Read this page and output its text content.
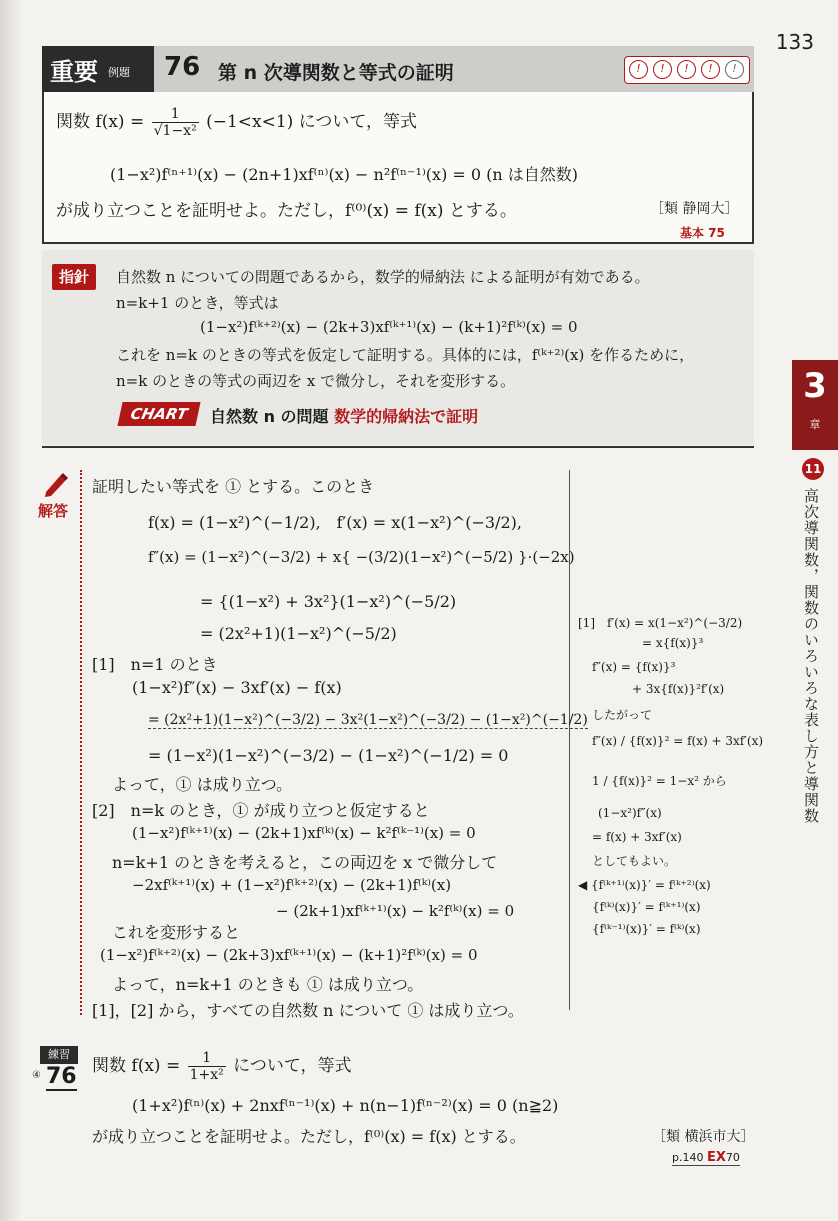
133
重要 例題 76 第 n 次導関数と等式の証明	!	!	!	!	!
関数 $f(x) = \frac{1}{\text{√1−x²}} (-1<x<1)$ について，等式
(1−x²)f⁽ⁿ⁺¹⁾(x) − (2n+1)xf⁽ⁿ⁾(x) − n²f⁽ⁿ⁻¹⁾(x) = 0 (n は自然数)
が成り立つことを証明せよ。ただし，f⁽⁰⁾(x) = f(x) とする。	［類 静岡大］
基本 75
指針	自然数 n についての問題であるから，数学的帰納法 による証明が有効である。
n=k+1 のとき，等式は
(1−x²)f⁽ᵏ⁺²⁾(x) − (2k+3)xf⁽ᵏ⁺¹⁾(x) − (k+1)²f⁽ᵏ⁾(x) = 0
これを n=k のときの等式を仮定して証明する。具体的には，f⁽ᵏ⁺²⁾(x) を作るために，
n=k のときの等式の両辺を x で微分し，それを変形する。
CHART	自然数 n の問題 数学的帰納法で証明
解答
証明したい等式を ① とする。このとき
f(x) = (1−x²)^(−1/2),　f′(x) = x(1−x²)^(−3/2),
f″(x) = (1−x²)^(−3/2) + x{ −(3/2)(1−x²)^(−5/2) }·(−2x)
= {(1−x²) + 3x²}(1−x²)^(−5/2)
= (2x²+1)(1−x²)^(−5/2)
[1]　n=1 のとき
(1−x²)f″(x) − 3xf′(x) − f(x)
= (2x²+1)(1−x²)^(−3/2) − 3x²(1−x²)^(−3/2) − (1−x²)^(−1/2)
= (1−x²)(1−x²)^(−3/2) − (1−x²)^(−1/2) = 0
よって，① は成り立つ。
[2]　n=k のとき，① が成り立つと仮定すると
(1−x²)f⁽ᵏ⁺¹⁾(x) − (2k+1)xf⁽ᵏ⁾(x) − k²f⁽ᵏ⁻¹⁾(x) = 0
n=k+1 のときを考えると，この両辺を x で微分して
−2xf⁽ᵏ⁺¹⁾(x) + (1−x²)f⁽ᵏ⁺²⁾(x) − (2k+1)f⁽ᵏ⁾(x)
− (2k+1)xf⁽ᵏ⁺¹⁾(x) − k²f⁽ᵏ⁾(x) = 0
これを変形すると
(1−x²)f⁽ᵏ⁺²⁾(x) − (2k+3)xf⁽ᵏ⁺¹⁾(x) − (k+1)²f⁽ᵏ⁾(x) = 0
よって，n=k+1 のときも ① は成り立つ。
[1]，[2] から，すべての自然数 n について ① は成り立つ。
[1]　f′(x) = x(1−x²)^(−3/2)
= x{f(x)}³
f″(x) = {f(x)}³
+ 3x{f(x)}²f′(x)
したがって
f″(x) / {f(x)}² = f(x) + 3xf′(x)
1 / {f(x)}² = 1−x² から
(1−x²)f″(x)
= f(x) + 3xf′(x)
としてもよい。
◀ {f⁽ᵏ⁺¹⁾(x)}′ = f⁽ᵏ⁺²⁾(x)
{f⁽ᵏ⁾(x)}′ = f⁽ᵏ⁺¹⁾(x)
{f⁽ᵏ⁻¹⁾(x)}′ = f⁽ᵏ⁾(x)
3
章
11
高次導関数，関数のいろいろな表し方と導関数
練習
④ 76 関数 $f(x) = \frac{1}{\text{1+x²}}$ について，等式
(1+x²)f⁽ⁿ⁾(x) + 2nxf⁽ⁿ⁻¹⁾(x) + n(n−1)f⁽ⁿ⁻²⁾(x) = 0 (n≧2)
が成り立つことを証明せよ。ただし，f⁽⁰⁾(x) = f(x) とする。	［類 横浜市大］
p.140 EX70
